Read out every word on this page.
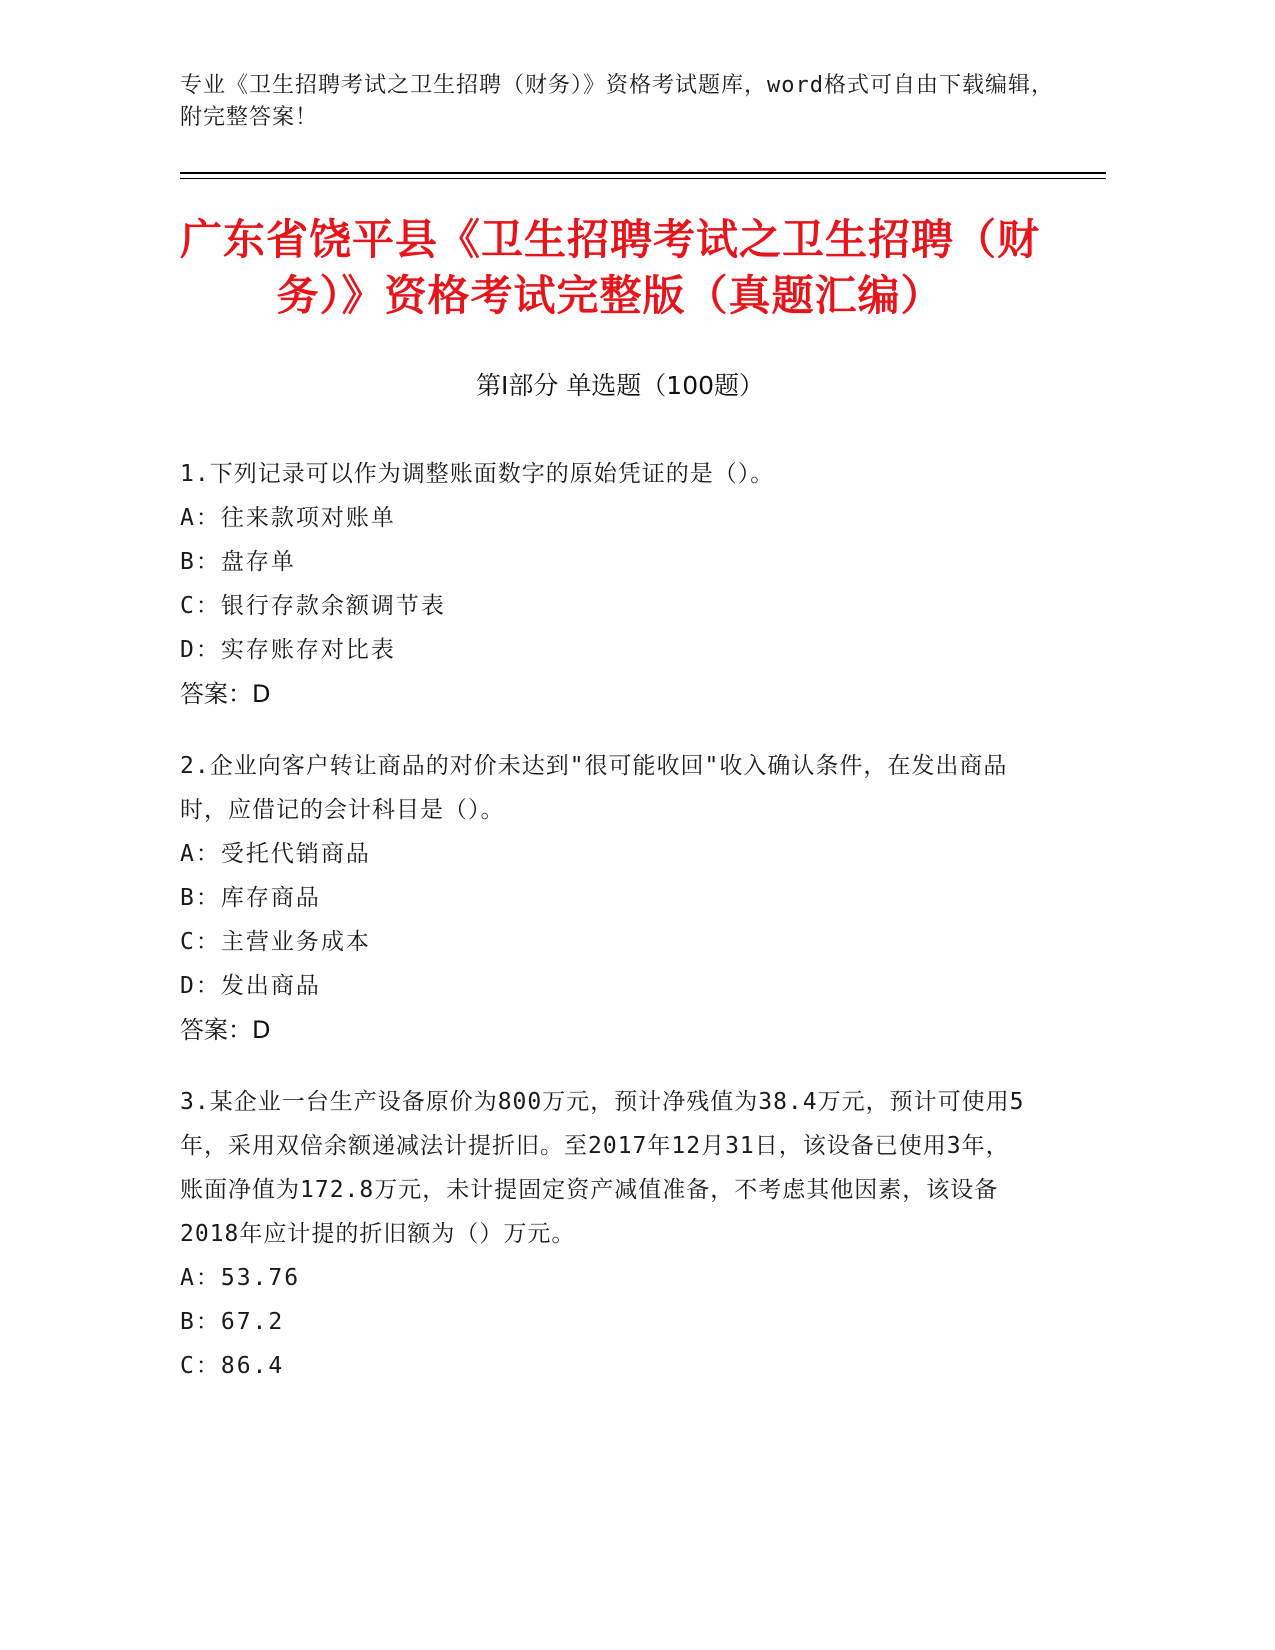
专业《卫生招聘考试之卫生招聘（财务）》资格考试题库，word格式可自由下载编辑，附完整答案！
广东省饶平县《卫生招聘考试之卫生招聘（财务）》资格考试完整版（真题汇编）
第Ⅰ部分 单选题（100题）
1.下列记录可以作为调整账面数字的原始凭证的是（）。
A：往来款项对账单
B：盘存单
C：银行存款余额调节表
D：实存账存对比表
答案：D
2.企业向客户转让商品的对价未达到"很可能收回"收入确认条件，在发出商品时，应借记的会计科目是（）。
A：受托代销商品
B：库存商品
C：主营业务成本
D：发出商品
答案：D
3.某企业一台生产设备原价为800万元，预计净残值为38.4万元，预计可使用5年，采用双倍余额递减法计提折旧。至2017年12月31日，该设备已使用3年，账面净值为172.8万元，未计提固定资产减值准备，不考虑其他因素，该设备2018年应计提的折旧额为（）万元。
A：53.76
B：67.2
C：86.4
